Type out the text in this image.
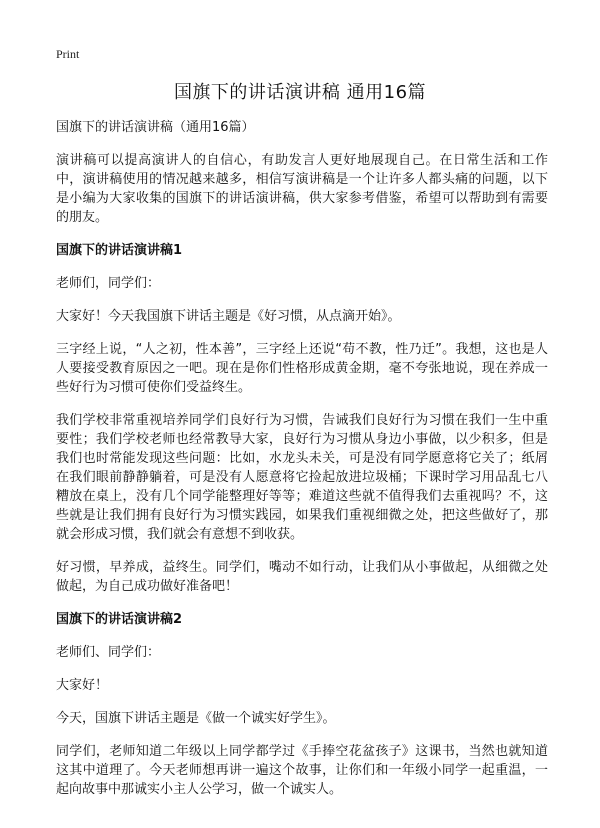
Print
国旗下的讲话演讲稿 通用16篇
国旗下的讲话演讲稿（通用16篇）

演讲稿可以提高演讲人的自信心，有助发言人更好地展现自己。在日常生活和工作中，演讲稿使用的情况越来越多，相信写演讲稿是一个让许多人都头痛的问题，以下是小编为大家收集的国旗下的讲话演讲稿，供大家参考借鉴，希望可以帮助到有需要的朋友。

国旗下的讲话演讲稿1

老师们，同学们：

大家好！今天我国旗下讲话主题是《好习惯，从点滴开始》。

三字经上说，“人之初，性本善”，三字经上还说“苟不教，性乃迁”。我想，这也是人人要接受教育原因之一吧。现在是你们性格形成黄金期，毫不夸张地说，现在养成一些好行为习惯可使你们受益终生。

我们学校非常重视培养同学们良好行为习惯，告诫我们良好行为习惯在我们一生中重要性；我们学校老师也经常教导大家，良好行为习惯从身边小事做，以少积多，但是我们也时常能发现这些问题：比如，水龙头未关，可是没有同学愿意将它关了；纸屑在我们眼前静静躺着，可是没有人愿意将它捡起放进垃圾桶；下课时学习用品乱七八糟放在桌上，没有几个同学能整理好等等；难道这些就不值得我们去重视吗？不，这些就是让我们拥有良好行为习惯实践园，如果我们重视细微之处，把这些做好了，那就会形成习惯，我们就会有意想不到收获。

好习惯，早养成，益终生。同学们，嘴动不如行动，让我们从小事做起，从细微之处做起，为自己成功做好准备吧！

国旗下的讲话演讲稿2

老师们、同学们：

大家好！

今天，国旗下讲话主题是《做一个诚实好学生》。

同学们，老师知道二年级以上同学都学过《手捧空花盆孩子》这课书，当然也就知道这其中道理了。今天老师想再讲一遍这个故事，让你们和一年级小同学一起重温，一起向故事中那诚实小主人公学习，做一个诚实人。
